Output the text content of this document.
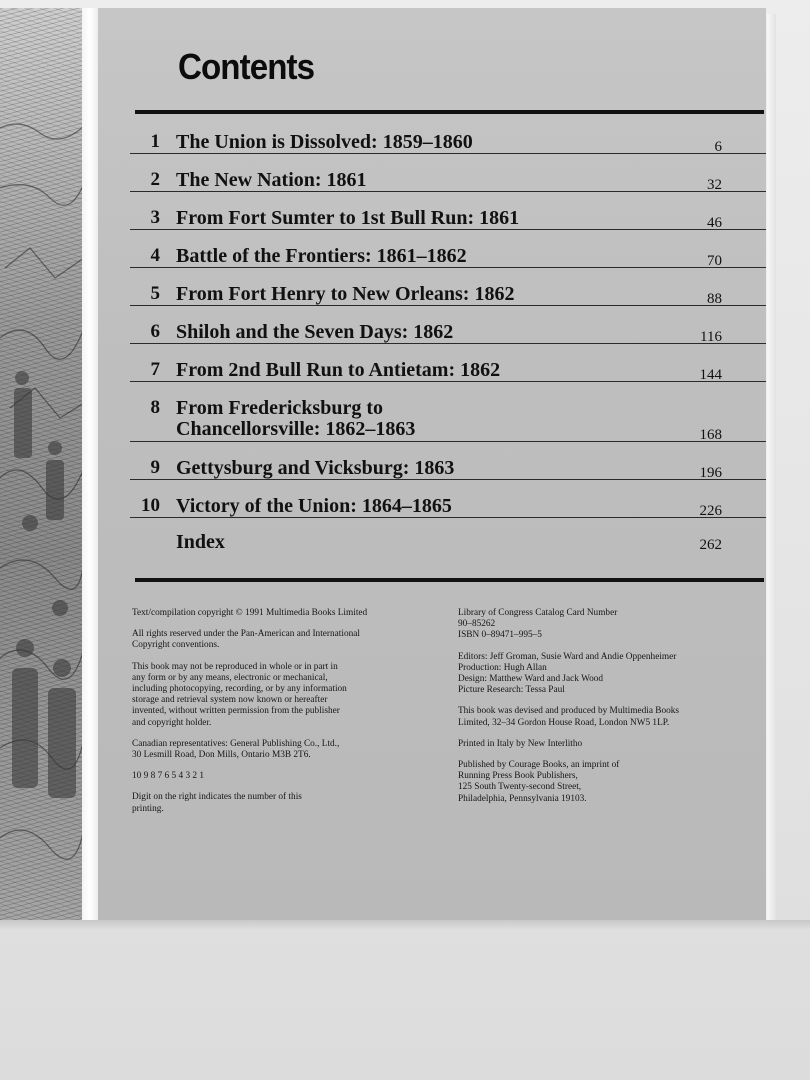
Contents
1 The Union is Dissolved: 1859–1860	6
2 The New Nation: 1861	32
3 From Fort Sumter to 1st Bull Run: 1861	46
4 Battle of the Frontiers: 1861–1862	70
5 From Fort Henry to New Orleans: 1862	88
6 Shiloh and the Seven Days: 1862	116
7 From 2nd Bull Run to Antietam: 1862	144
8 From Fredericksburg to
Chancellorsville: 1862–1863	168
9 Gettysburg and Vicksburg: 1863	196
10 Victory of the Union: 1864–1865	226
Index	262

Text/compilation copyright © 1991 Multimedia Books Limited

All rights reserved under the Pan-American and International
Copyright conventions.

This book may not be reproduced in whole or in part in
any form or by any means, electronic or mechanical,
including photocopying, recording, or by any information
storage and retrieval system now known or hereafter
invented, without written permission from the publisher
and copyright holder.

Canadian representatives: General Publishing Co., Ltd.,
30 Lesmill Road, Don Mills, Ontario M3B 2T6.

10 9 8 7 6 5 4 3 2 1

Digit on the right indicates the number of this
printing.

Library of Congress Catalog Card Number
90–85262
ISBN 0–89471–995–5

Editors: Jeff Groman, Susie Ward and Andie Oppenheimer
Production: Hugh Allan
Design: Matthew Ward and Jack Wood
Picture Research: Tessa Paul

This book was devised and produced by Multimedia Books
Limited, 32–34 Gordon House Road, London NW5 1LP.

Printed in Italy by New Interlitho

Published by Courage Books, an imprint of
Running Press Book Publishers,
125 South Twenty-second Street,
Philadelphia, Pennsylvania 19103.
